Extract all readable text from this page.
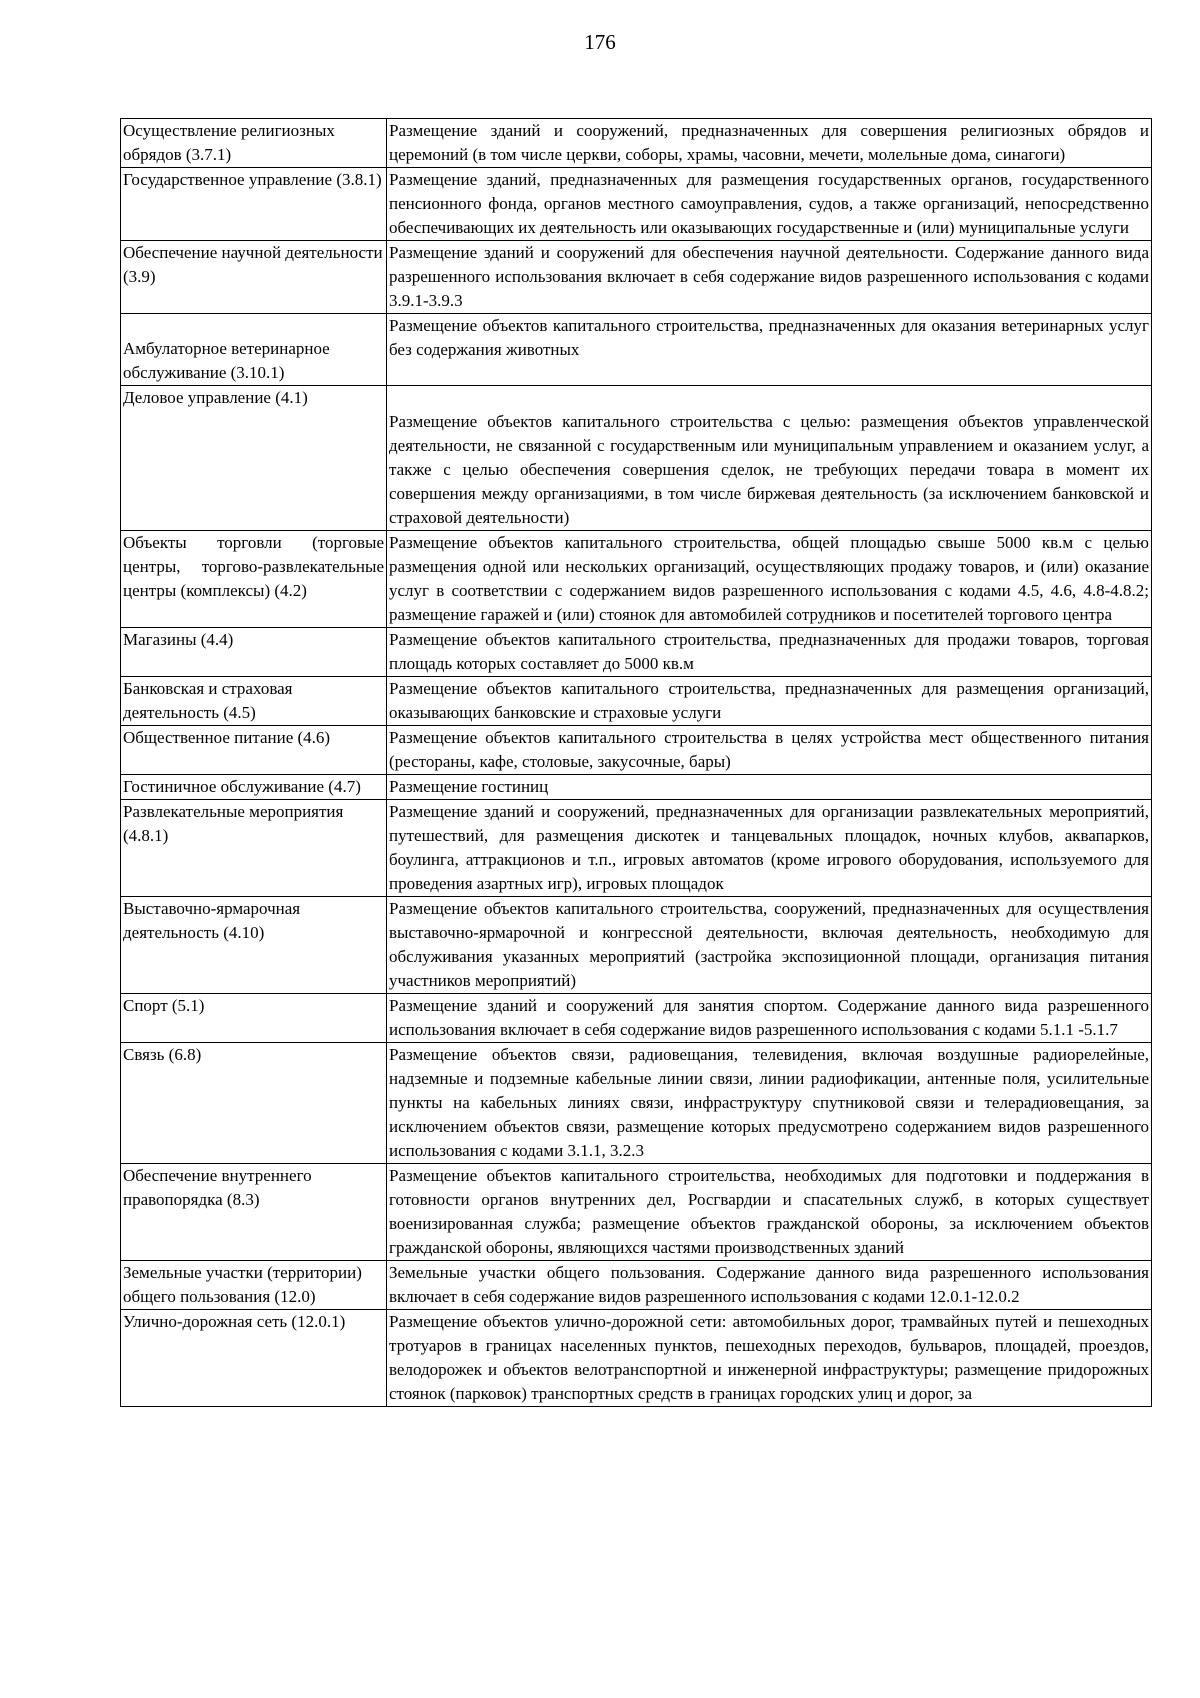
176
Осуществление религиозных обрядов (3.7.1)	Размещение зданий и сооружений, предназначенных для совершения религиозных обрядов и церемоний (в том числе церкви, соборы, храмы, часовни, мечети, молельные дома, синагоги)
Государственное управление (3.8.1)	Размещение зданий, предназначенных для размещения государственных органов, государственного пенсионного фонда, органов местного самоуправления, судов, а также организаций, непосредственно обеспечивающих их деятельность или оказывающих государственные и (или) муниципальные услуги
Обеспечение научной деятельности (3.9)	Размещение зданий и сооружений для обеспечения научной деятельности. Содержание данного вида разрешенного использования включает в себя содержание видов разрешенного использования с кодами 3.9.1-3.9.3
Амбулаторное ветеринарное обслуживание (3.10.1)	Размещение объектов капитального строительства, предназначенных для оказания ветеринарных услуг без содержания животных
Деловое управление (4.1)	Размещение объектов капитального строительства с целью: размещения объектов управленческой деятельности, не связанной с государственным или муниципальным управлением и оказанием услуг, а также с целью обеспечения совершения сделок, не требующих передачи товара в момент их совершения между организациями, в том числе биржевая деятельность (за исключением банковской и страховой деятельности)
Объекты торговли (торговые центры, торгово-развлекательные центры (комплексы) (4.2)	Размещение объектов капитального строительства, общей площадью свыше 5000 кв.м с целью размещения одной или нескольких организаций, осуществляющих продажу товаров, и (или) оказание услуг в соответствии с содержанием видов разрешенного использования с кодами 4.5, 4.6, 4.8-4.8.2; размещение гаражей и (или) стоянок для автомобилей сотрудников и посетителей торгового центра
Магазины (4.4)	Размещение объектов капитального строительства, предназначенных для продажи товаров, торговая площадь которых составляет до 5000 кв.м
Банковская и страховая деятельность (4.5)	Размещение объектов капитального строительства, предназначенных для размещения организаций, оказывающих банковские и страховые услуги
Общественное питание (4.6)	Размещение объектов капитального строительства в целях устройства мест общественного питания (рестораны, кафе, столовые, закусочные, бары)
Гостиничное обслуживание (4.7)	Размещение гостиниц
Развлекательные мероприятия (4.8.1)	Размещение зданий и сооружений, предназначенных для организации развлекательных мероприятий, путешествий, для размещения дискотек и танцевальных площадок, ночных клубов, аквапарков, боулинга, аттракционов и т.п., игровых автоматов (кроме игрового оборудования, используемого для проведения азартных игр), игровых площадок
Выставочно-ярмарочная деятельность (4.10)	Размещение объектов капитального строительства, сооружений, предназначенных для осуществления выставочно-ярмарочной и конгрессной деятельности, включая деятельность, необходимую для обслуживания указанных мероприятий (застройка экспозиционной площади, организация питания участников мероприятий)
Спорт (5.1)	Размещение зданий и сооружений для занятия спортом. Содержание данного вида разрешенного использования включает в себя содержание видов разрешенного использования с кодами 5.1.1 -5.1.7
Связь (6.8)	Размещение объектов связи, радиовещания, телевидения, включая воздушные радиорелейные, надземные и подземные кабельные линии связи, линии радиофикации, антенные поля, усилительные пункты на кабельных линиях связи, инфраструктуру спутниковой связи и телерадиовещания, за исключением объектов связи, размещение которых предусмотрено содержанием видов разрешенного использования с кодами 3.1.1, 3.2.3
Обеспечение внутреннего правопорядка (8.3)	Размещение объектов капитального строительства, необходимых для подготовки и поддержания в готовности органов внутренних дел, Росгвардии и спасательных служб, в которых существует военизированная служба; размещение объектов гражданской обороны, за исключением объектов гражданской обороны, являющихся частями производственных зданий
Земельные участки (территории) общего пользования (12.0)	Земельные участки общего пользования. Содержание данного вида разрешенного использования включает в себя содержание видов разрешенного использования с кодами 12.0.1-12.0.2
Улично-дорожная сеть (12.0.1)	Размещение объектов улично-дорожной сети: автомобильных дорог, трамвайных путей и пешеходных тротуаров в границах населенных пунктов, пешеходных переходов, бульваров, площадей, проездов, велодорожек и объектов велотранспортной и инженерной инфраструктуры; размещение придорожных стоянок (парковок) транспортных средств в границах городских улиц и дорог, за
